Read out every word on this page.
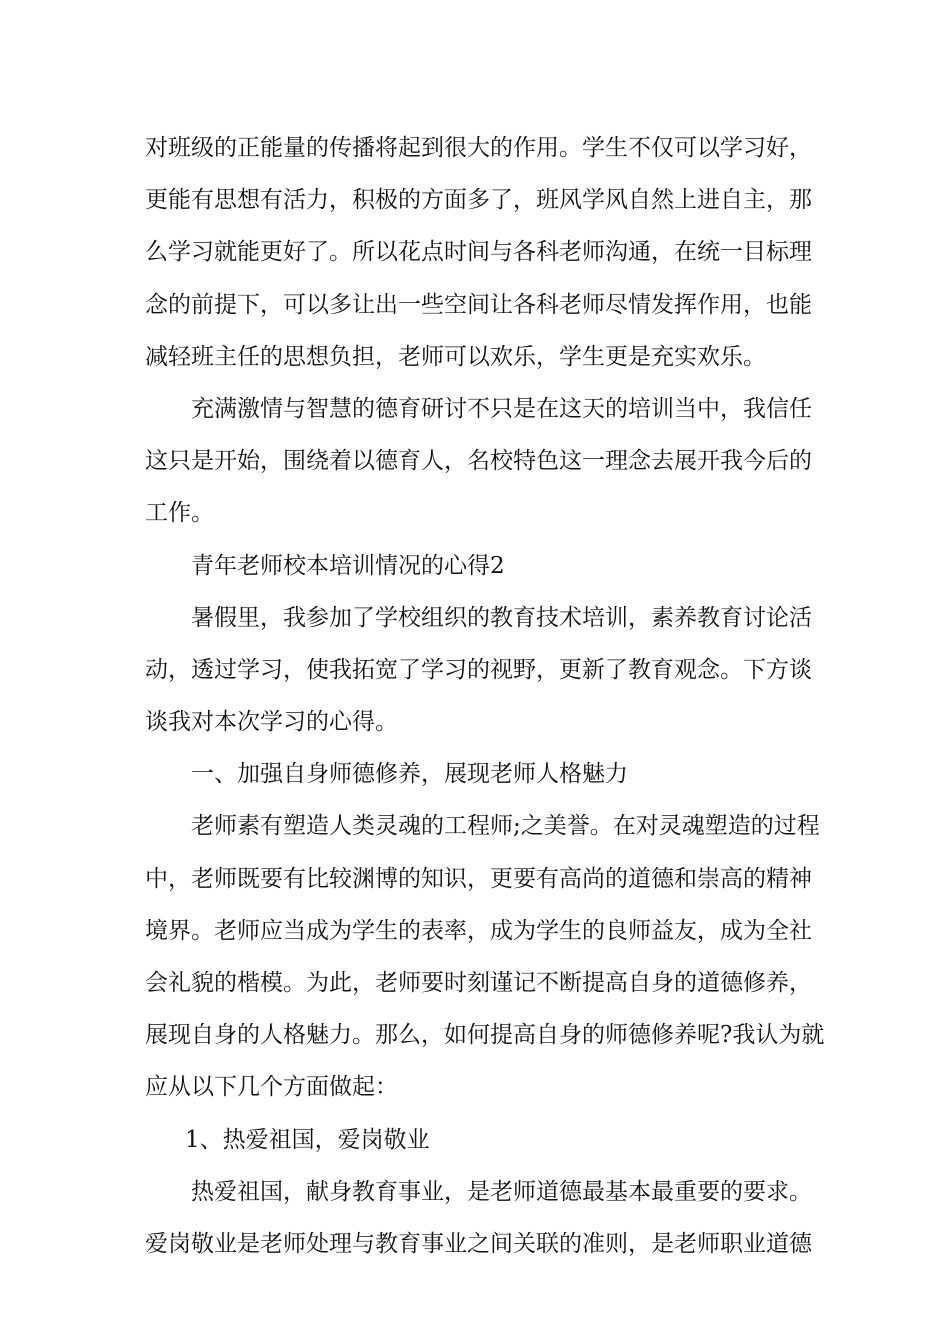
对班级的正能量的传播将起到很大的作用。学生不仅可以学习好，
更能有思想有活力，积极的方面多了，班风学风自然上进自主，那
么学习就能更好了。所以花点时间与各科老师沟通，在统一目标理
念的前提下，可以多让出一些空间让各科老师尽情发挥作用，也能
减轻班主任的思想负担，老师可以欢乐，学生更是充实欢乐。
充满激情与智慧的德育研讨不只是在这天的培训当中，我信任
这只是开始，围绕着以德育人，名校特色这一理念去展开我今后的
工作。
青年老师校本培训情况的心得2
暑假里，我参加了学校组织的教育技术培训，素养教育讨论活
动，透过学习，使我拓宽了学习的视野，更新了教育观念。下方谈
谈我对本次学习的心得。
一、加强自身师德修养，展现老师人格魅力
老师素有塑造人类灵魂的工程师;之美誉。在对灵魂塑造的过程
中，老师既要有比较渊博的知识，更要有高尚的道德和崇高的精神
境界。老师应当成为学生的表率，成为学生的良师益友，成为全社
会礼貌的楷模。为此，老师要时刻谨记不断提高自身的道德修养，
展现自身的人格魅力。那么，如何提高自身的师德修养呢?我认为就
应从以下几个方面做起：
1、热爱祖国，爱岗敬业
热爱祖国，献身教育事业，是老师道德最基本最重要的要求。
爱岗敬业是老师处理与教育事业之间关联的准则，是老师职业道德
